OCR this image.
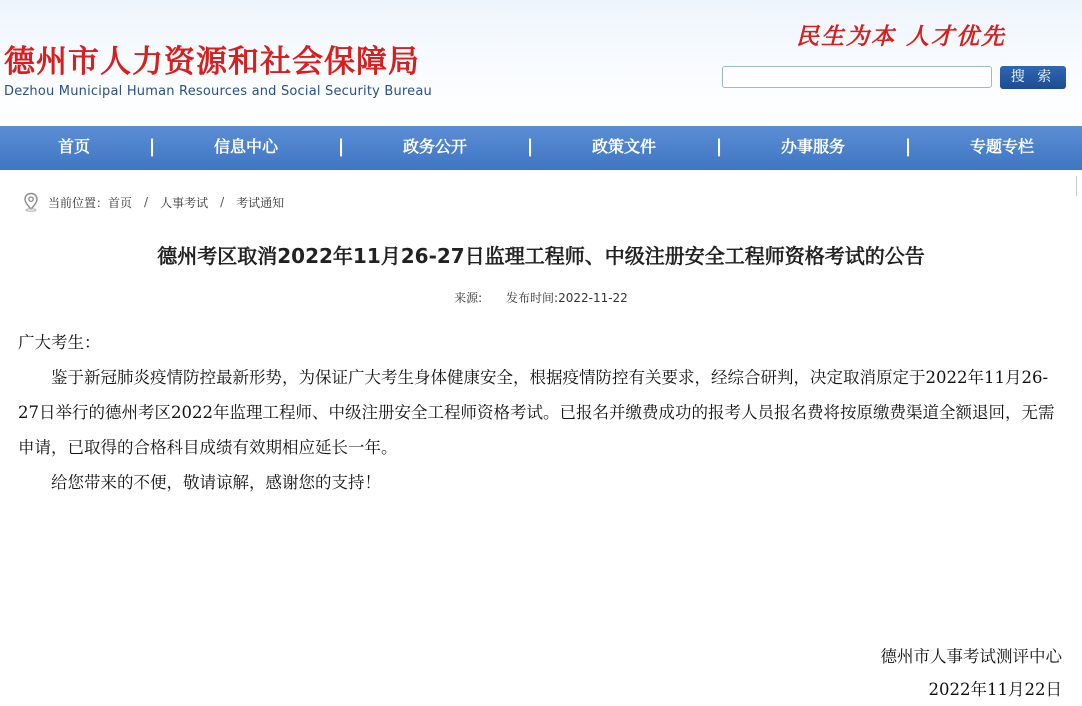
德州市人力资源和社会保障局
Dezhou Municipal Human Resources and Social Security Bureau
民生为本 人才优先
搜 索
首页	|	信息中心	|	政务公开	|	政策文件	|	办事服务	|	专题专栏
当前位置： 首页 / 人事考试 / 考试通知
德州考区取消2022年11月26-27日监理工程师、中级注册安全工程师资格考试的公告
来源: 发布时间:2022-11-22

广大考生：

鉴于新冠肺炎疫情防控最新形势，为保证广大考生身体健康安全，根据疫情防控有关要求，经综合研判，决定取消原定于2022年11月26-27日举行的德州考区2022年监理工程师、中级注册安全工程师资格考试。已报名并缴费成功的报考人员报名费将按原缴费渠道全额退回，无需申请，已取得的合格科目成绩有效期相应延长一年。

给您带来的不便，敬请谅解，感谢您的支持！

德州市人事考试测评中心
2022年11月22日
